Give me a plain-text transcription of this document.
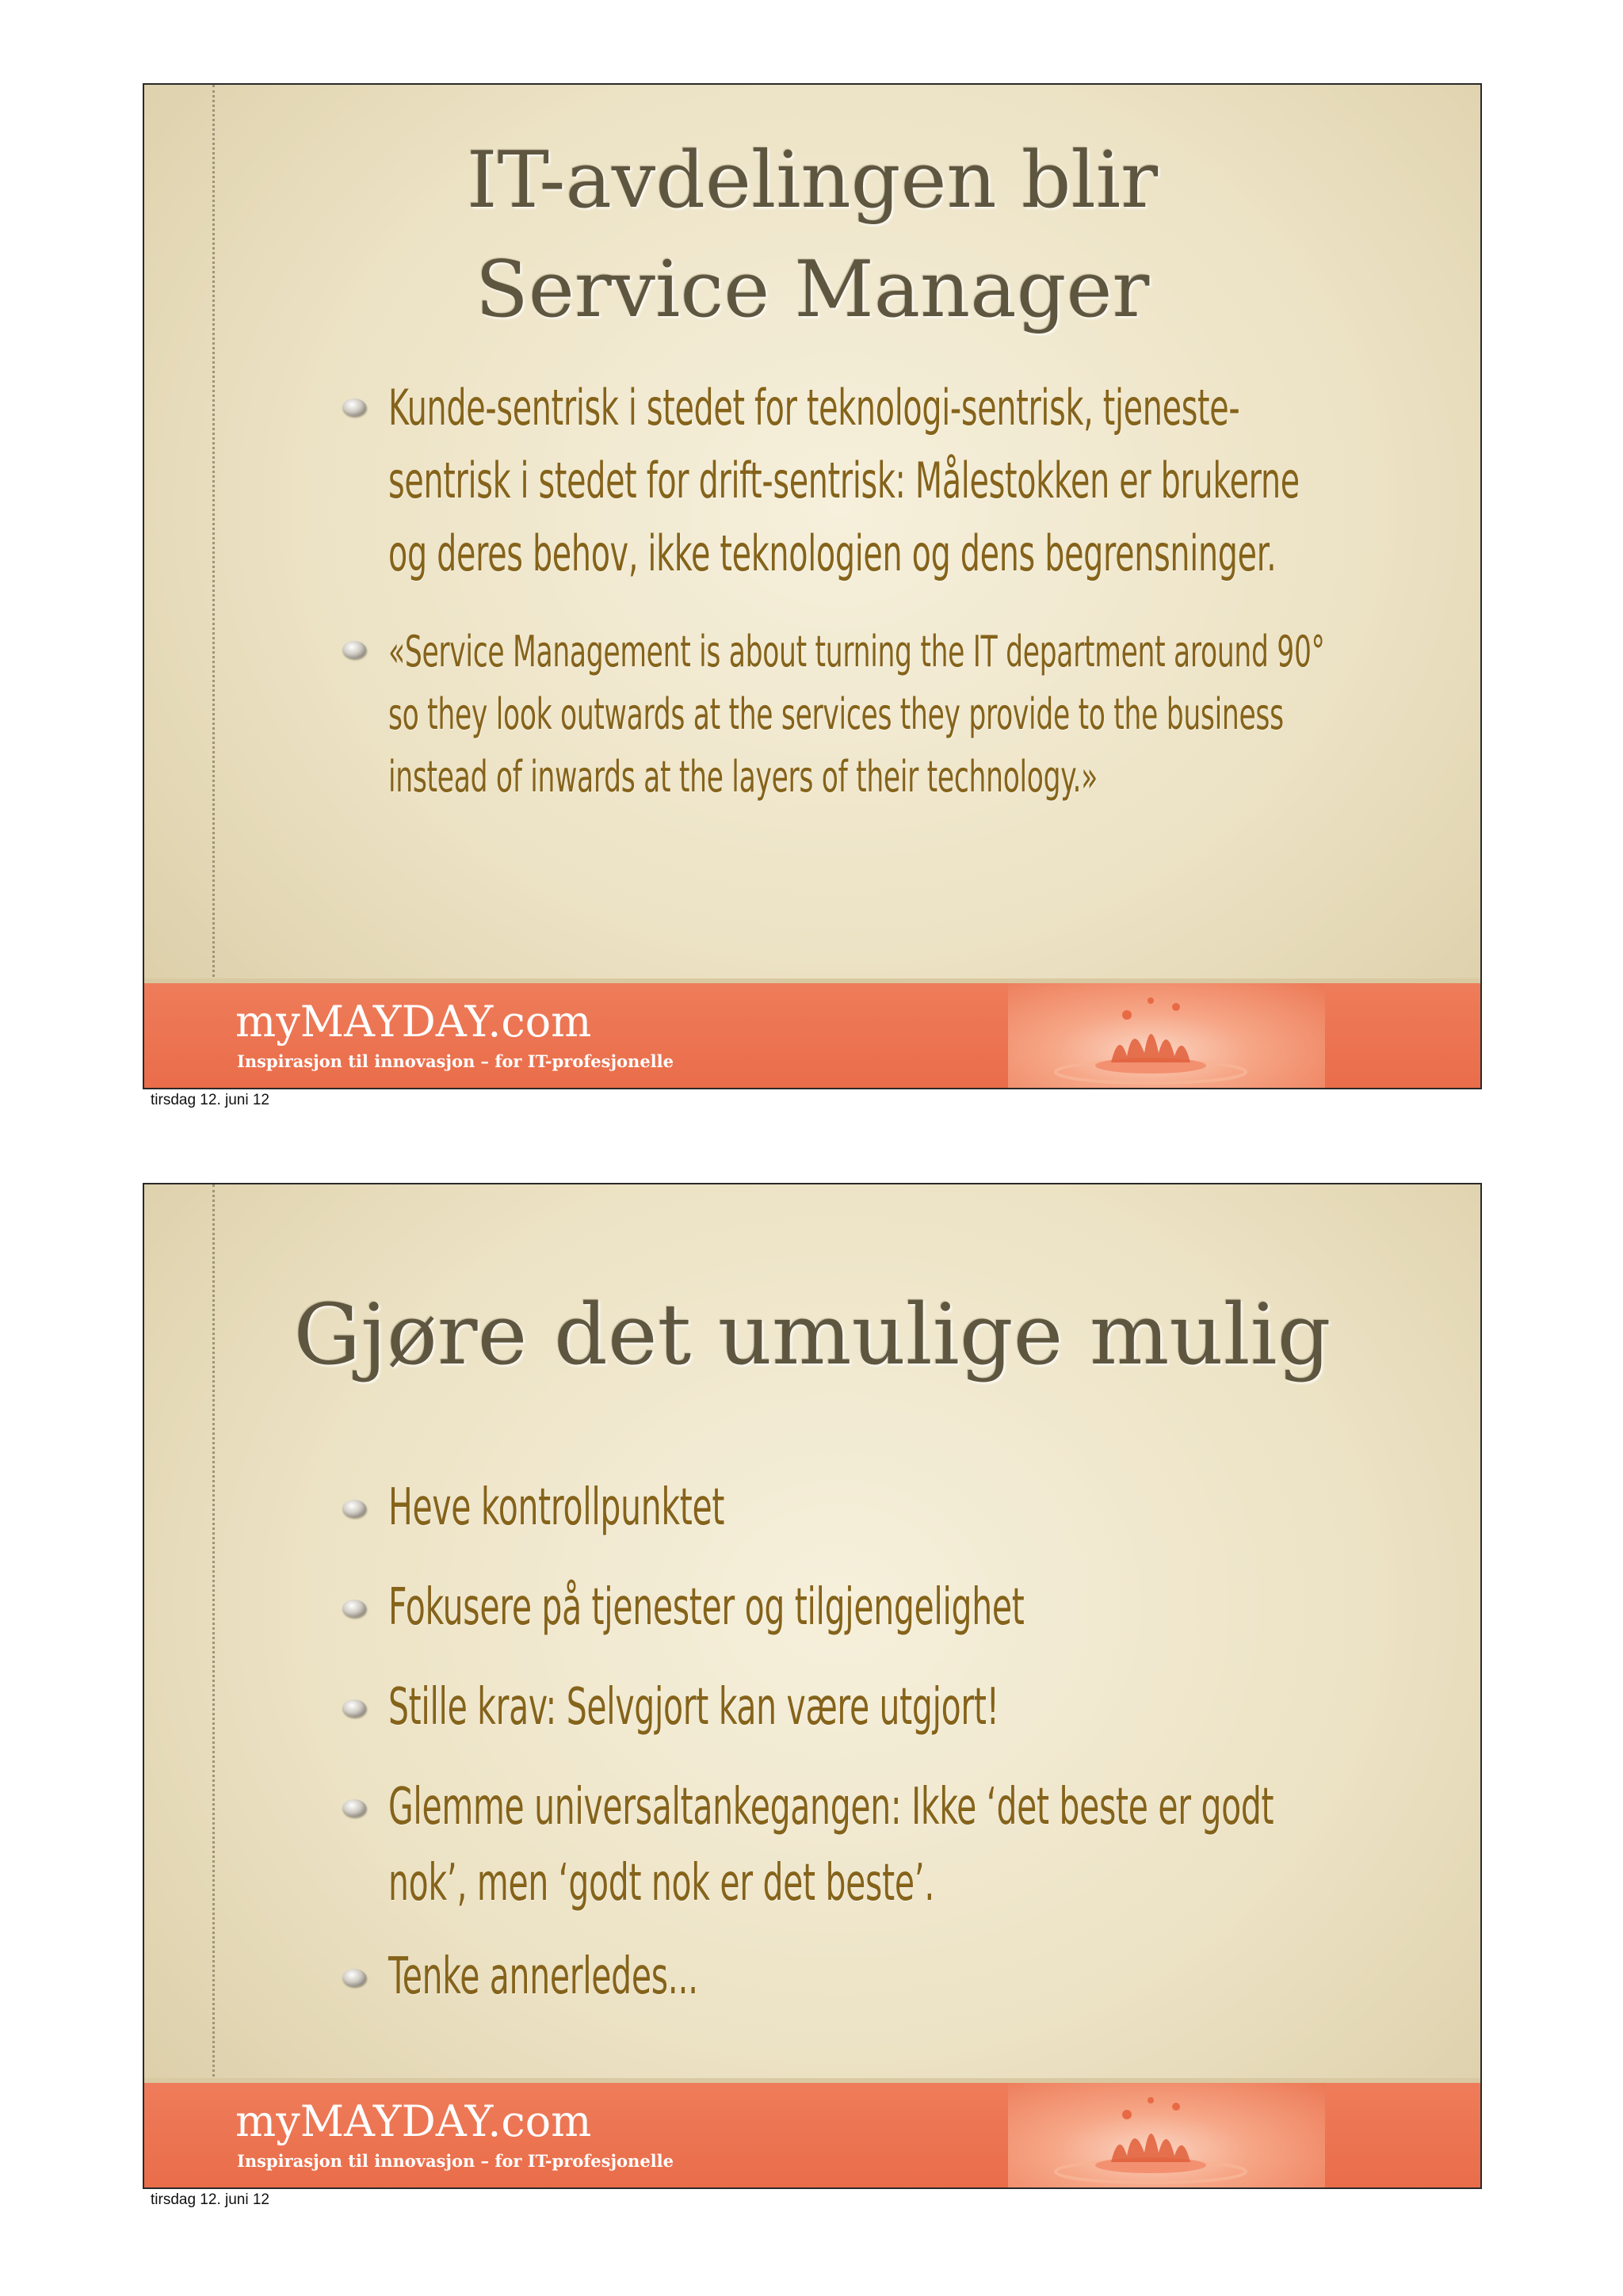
IT-avdelingen blir
Service Manager
Kunde-sentrisk i stedet for teknologi-sentrisk, tjeneste-sentrisk i stedet for drift-sentrisk: Målestokken er brukerne og deres behov, ikke teknologien og dens begrensninger.
«Service Management is about turning the IT department around 90° so they look outwards at the services they provide to the business instead of inwards at the layers of their technology.»
myMAYDAY.com
Inspirasjon til innovasjon – for IT-profesjonelle
tirsdag 12. juni 12
Gjøre det umulige mulig
Heve kontrollpunktet
Fokusere på tjenester og tilgjengelighet
Stille krav: Selvgjort kan være utgjort!
Glemme universaltankegangen: Ikke ‘det beste er godt nok’, men ‘godt nok er det beste’.
Tenke annerledes...
myMAYDAY.com
Inspirasjon til innovasjon – for IT-profesjonelle
tirsdag 12. juni 12
